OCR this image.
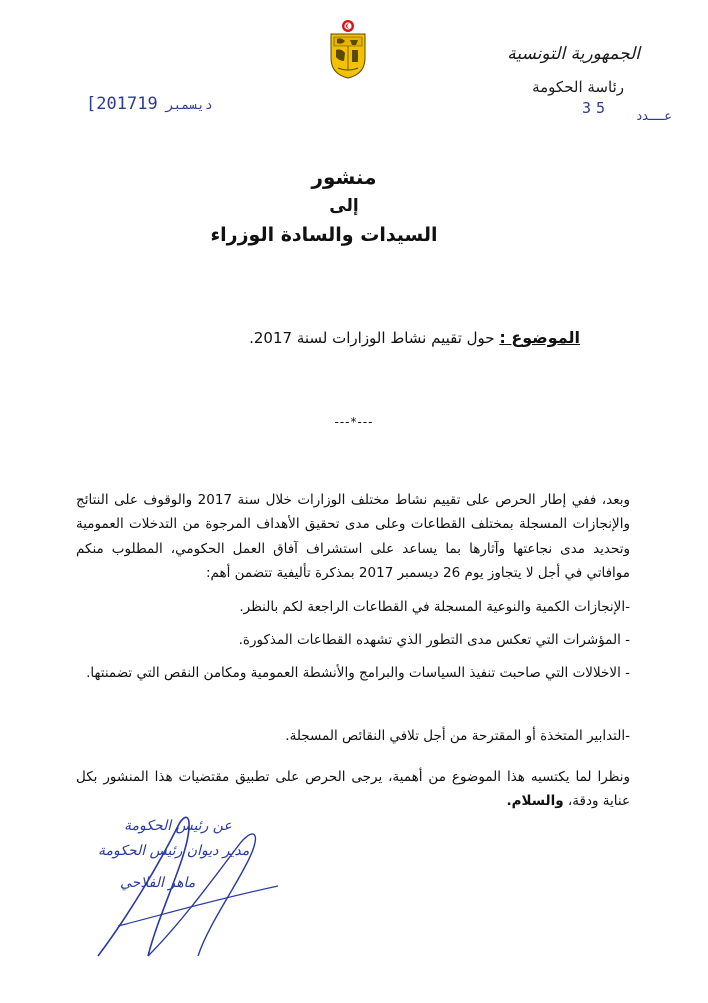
الجمهورية التونسية
رئاسة الحكومة
35 عــــدد
[2017 ديسمبر19
منشور
إلى
السيدات والسادة الوزراء
الموضوع : حول تقييم نشاط الوزارات لسنة 2017.
---*---
وبعد، ففي إطار الحرص على تقييم نشاط مختلف الوزارات خلال سنة 2017 والوقوف على النتائج والإنجازات المسجلة بمختلف القطاعات وعلى مدى تحقيق الأهداف المرجوة من التدخلات العمومية وتحديد مدى نجاعتها وآثارها بما يساعد على استشراف آفاق العمل الحكومي، المطلوب منكم موافاتي في أجل لا يتجاوز يوم 26 ديسمبر 2017 بمذكرة تأليفية تتضمن أهم:
-الإنجازات الكمية والنوعية المسجلة في القطاعات الراجعة لكم بالنظر.
- المؤشرات التي تعكس مدى التطور الذي تشهده القطاعات المذكورة.
- الاخلالات التي صاحبت تنفيذ السياسات والبرامج والأنشطة العمومية ومكامن النقص التي تضمنتها.
-التدابير المتخذة أو المقترحة من أجل تلافي النقائص المسجلة.
ونظرا لما يكتسيه هذا الموضوع من أهمية، يرجى الحرص على تطبيق مقتضيات هذا المنشور بكل عناية ودقة، والسلام.
عن رئيس الحكومة
مدير ديوان رئيس الحكومة
ماهر الفلاحي
